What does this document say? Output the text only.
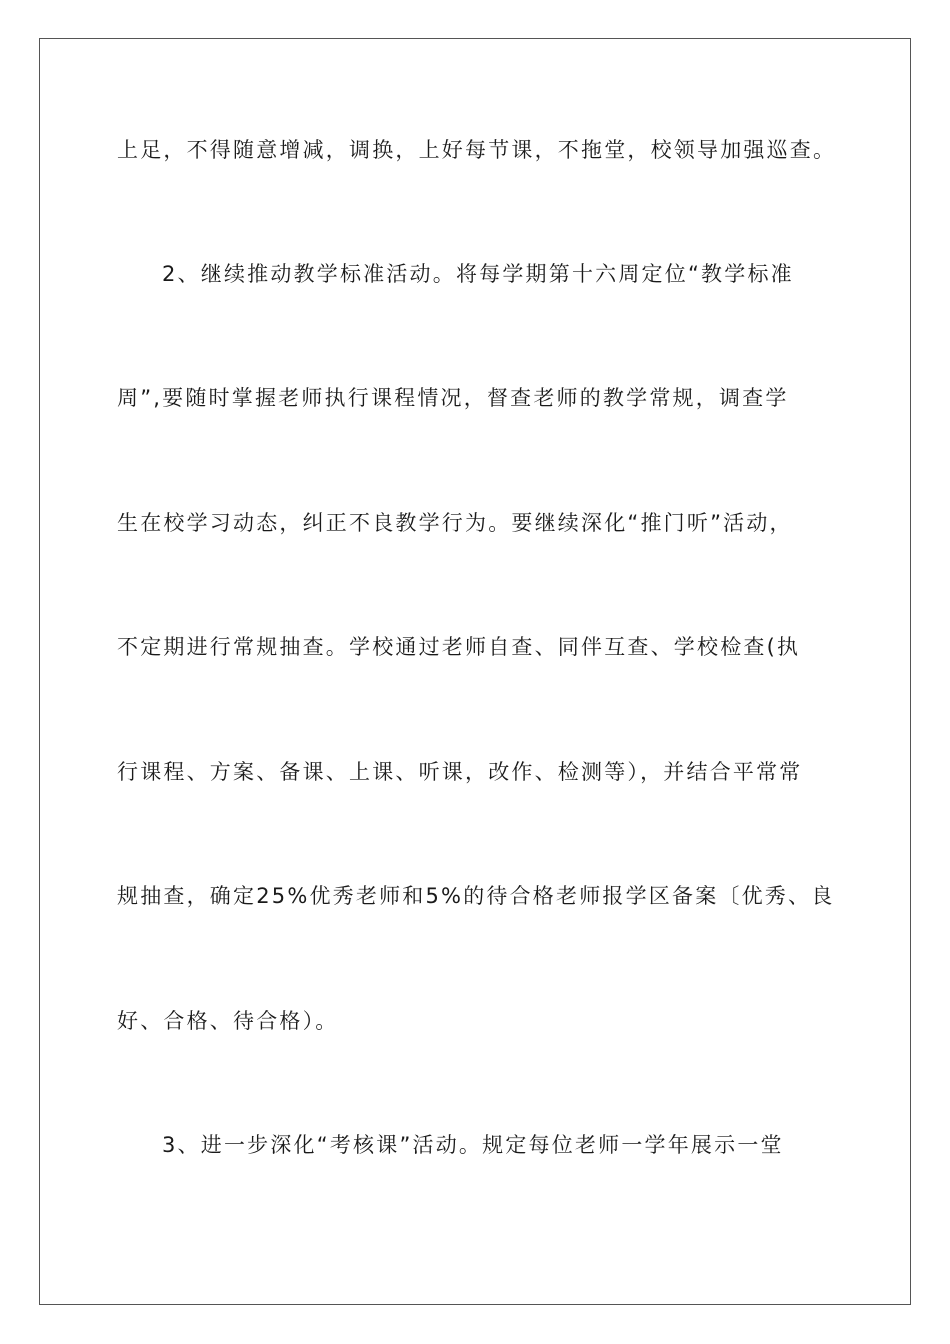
上足，不得随意增减，调换，上好每节课，不拖堂，校领导加强巡查。
2、继续推动教学标准活动。将每学期第十六周定位“教学标准
周”,要随时掌握老师执行课程情况，督查老师的教学常规，调查学
生在校学习动态，纠正不良教学行为。要继续深化“推门听”活动，
不定期进行常规抽查。学校通过老师自查、同伴互查、学校检查(执
行课程、方案、备课、上课、听课，改作、检测等），并结合平常常
规抽查，确定25%优秀老师和5%的待合格老师报学区备案〔优秀、良
好、合格、待合格）。
3、进一步深化“考核课”活动。规定每位老师一学年展示一堂
